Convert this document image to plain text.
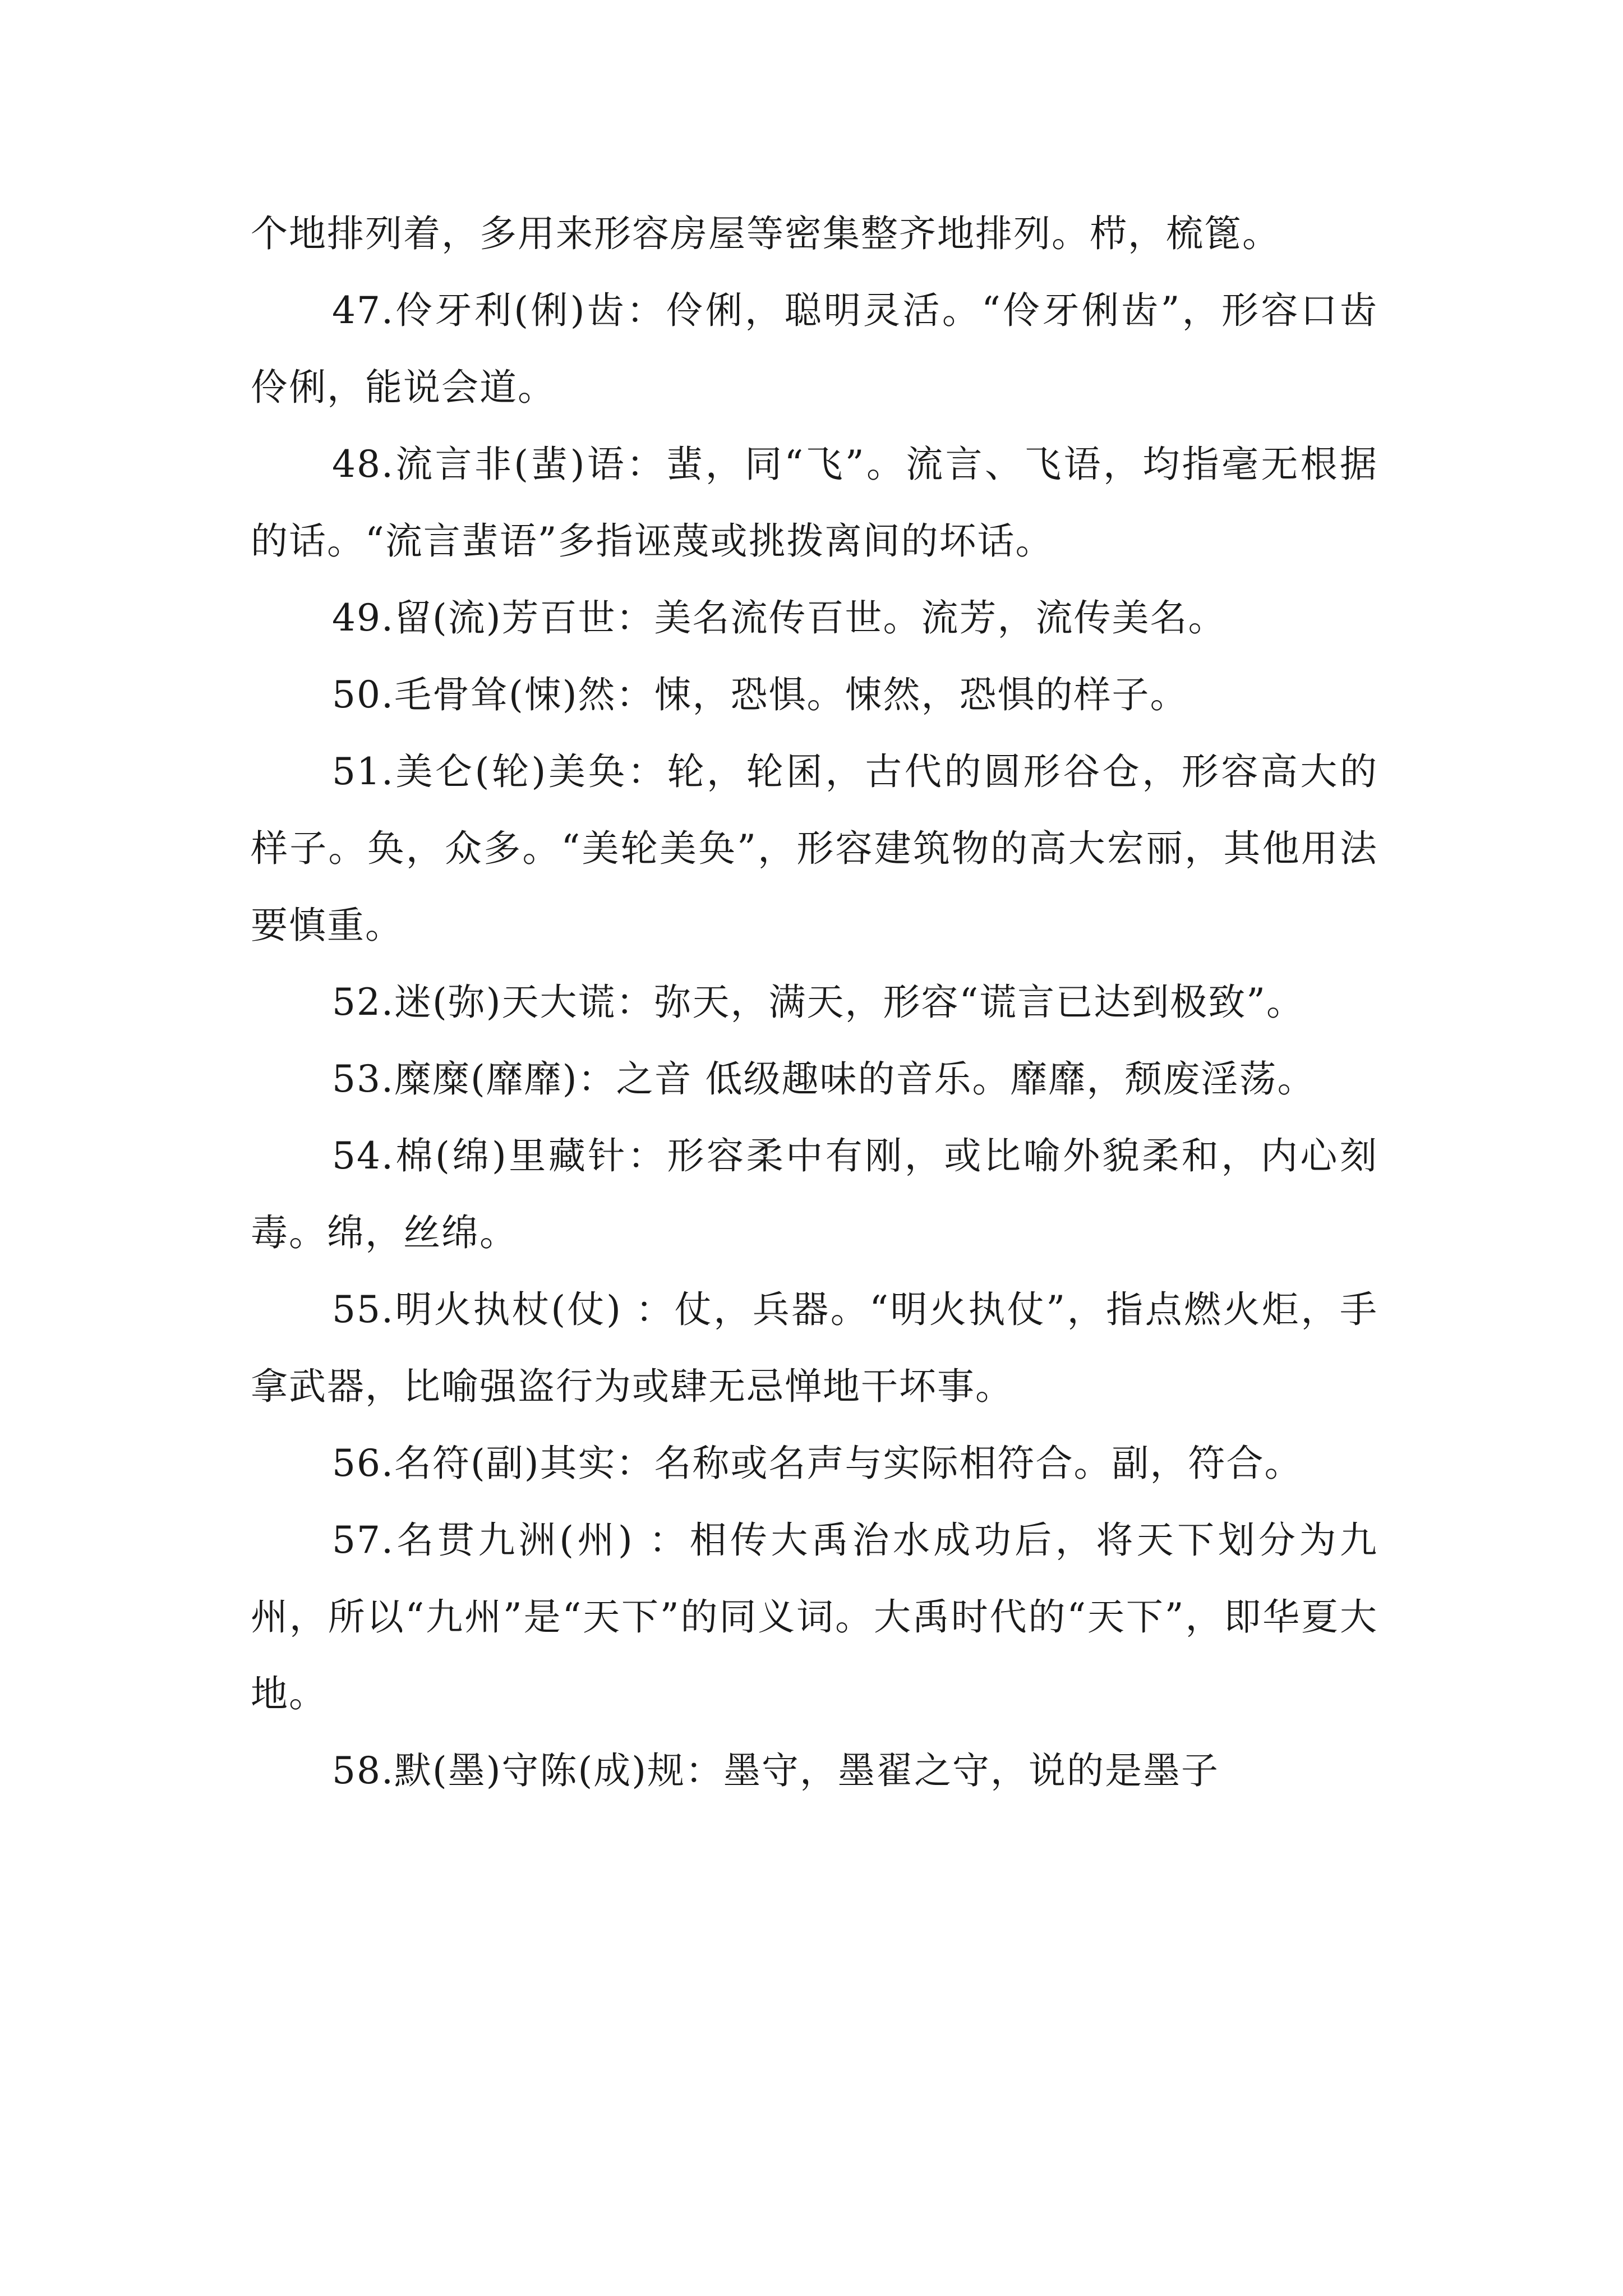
个地排列着，多用来形容房屋等密集整齐地排列。栉，梳篦。

47.伶牙利(俐)齿：伶俐，聪明灵活。“伶牙俐齿”，形容口齿伶俐，能说会道。

48.流言非(蜚)语：蜚，同“飞”。流言、飞语，均指毫无根据的话。“流言蜚语”多指诬蔑或挑拨离间的坏话。

49.留(流)芳百世：美名流传百世。流芳，流传美名。

50.毛骨耸(悚)然：悚，恐惧。悚然，恐惧的样子。

51.美仑(轮)美奂：轮，轮囷，古代的圆形谷仓，形容高大的样子。奂，众多。“美轮美奂”，形容建筑物的高大宏丽，其他用法要慎重。

52.迷(弥)天大谎：弥天，满天，形容“谎言已达到极致”。

53.糜糜(靡靡)：之音 低级趣味的音乐。靡靡，颓废淫荡。

54.棉(绵)里藏针：形容柔中有刚，或比喻外貌柔和，内心刻毒。绵，丝绵。

55.明火执杖(仗) ：仗，兵器。“明火执仗”，指点燃火炬，手拿武器，比喻强盗行为或肆无忌惮地干坏事。

56.名符(副)其实：名称或名声与实际相符合。副，符合。

57.名贯九洲(州) ：相传大禹治水成功后，将天下划分为九州，所以“九州”是“天下”的同义词。大禹时代的“天下”，即华夏大地。

58.默(墨)守陈(成)规：墨守，墨翟之守，说的是墨子
